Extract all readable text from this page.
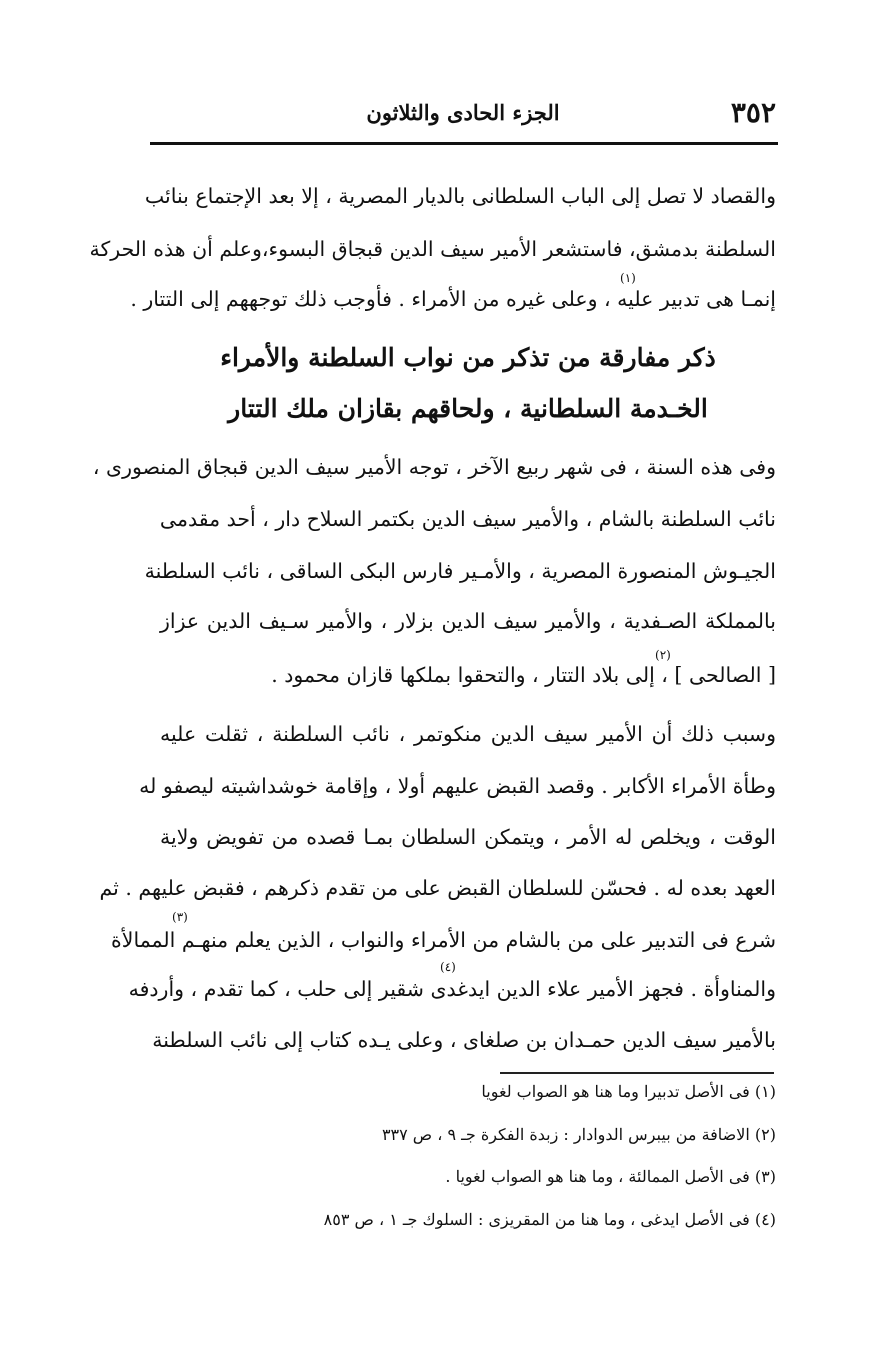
٣٥٢
الجزء الحادى والثلاثون
والقصاد لا تصل إلى الباب السلطانى بالديار المصرية ، إلا بعد الإجتماع بنائب
السلطنة بدمشق، فاستشعر الأمير سيف الدين قبجاق البسوء،وعلم أن هذه الحركة
(١)
إنمـا هى تدبير عليه ، وعلى غيره من الأمراء . فأوجب ذلك توجههم إلى التتار .
ذكر مفارقة من تذكر من نواب السلطنة والأمراء
الخـدمة السلطانية ، ولحاقهم بقازان ملك التتار
وفى هذه السنة ، فى شهر ربيع الآخر ، توجه الأمير سيف الدين قبجاق المنصورى ،
نائب السلطنة بالشام ، والأمير سيف الدين بكتمر السلاح دار ، أحد مقدمى
الجيـوش المنصورة المصرية ، والأمـير فارس البكى الساقى ، نائب السلطنة
بالمملكة الصـفدية ، والأمير سيف الدين بزلار ، والأمير سـيف الدين عزاز
(٢)
[ الصالحى ] ، إلى بلاد التتار ، والتحقوا بملكها قازان محمود .
وسبب ذلك أن الأمير سيف الدين منكوتمر ، نائب السلطنة ، ثقلت عليه
وطأة الأمراء الأكابر . وقصد القبض عليهم أولا ، وإقامة خوشداشيته ليصفو له
الوقت ، ويخلص له الأمر ، ويتمكن السلطان بمـا قصده من تفويض ولاية
العهد بعده له . فحسّن للسلطان القبض على من تقدم ذكرهم ، فقبض عليهم . ثم
(٣)
شرع فى التدبير على من بالشام من الأمراء والنواب ، الذين يعلم منهـم الممالأة
(٤)
والمناوأة . فجهز الأمير علاء الدين ايدغدى شقير إلى حلب ، كما تقدم ، وأردفه
بالأمير سيف الدين حمـدان بن صلغاى ، وعلى يـده كتاب إلى نائب السلطنة
(١) فى الأصل تدبيرا وما هنا هو الصواب لغويا
(٢) الاضافة من بيبرس الدوادار : زبدة الفكرة جـ ٩ ، ص ٣٣٧
(٣) فى الأصل الممالئة ، وما هنا هو الصواب لغويا .
(٤) فى الأصل ايدغى ، وما هنا من المقريزى : السلوك جـ ١ ، ص ٨٥٣
